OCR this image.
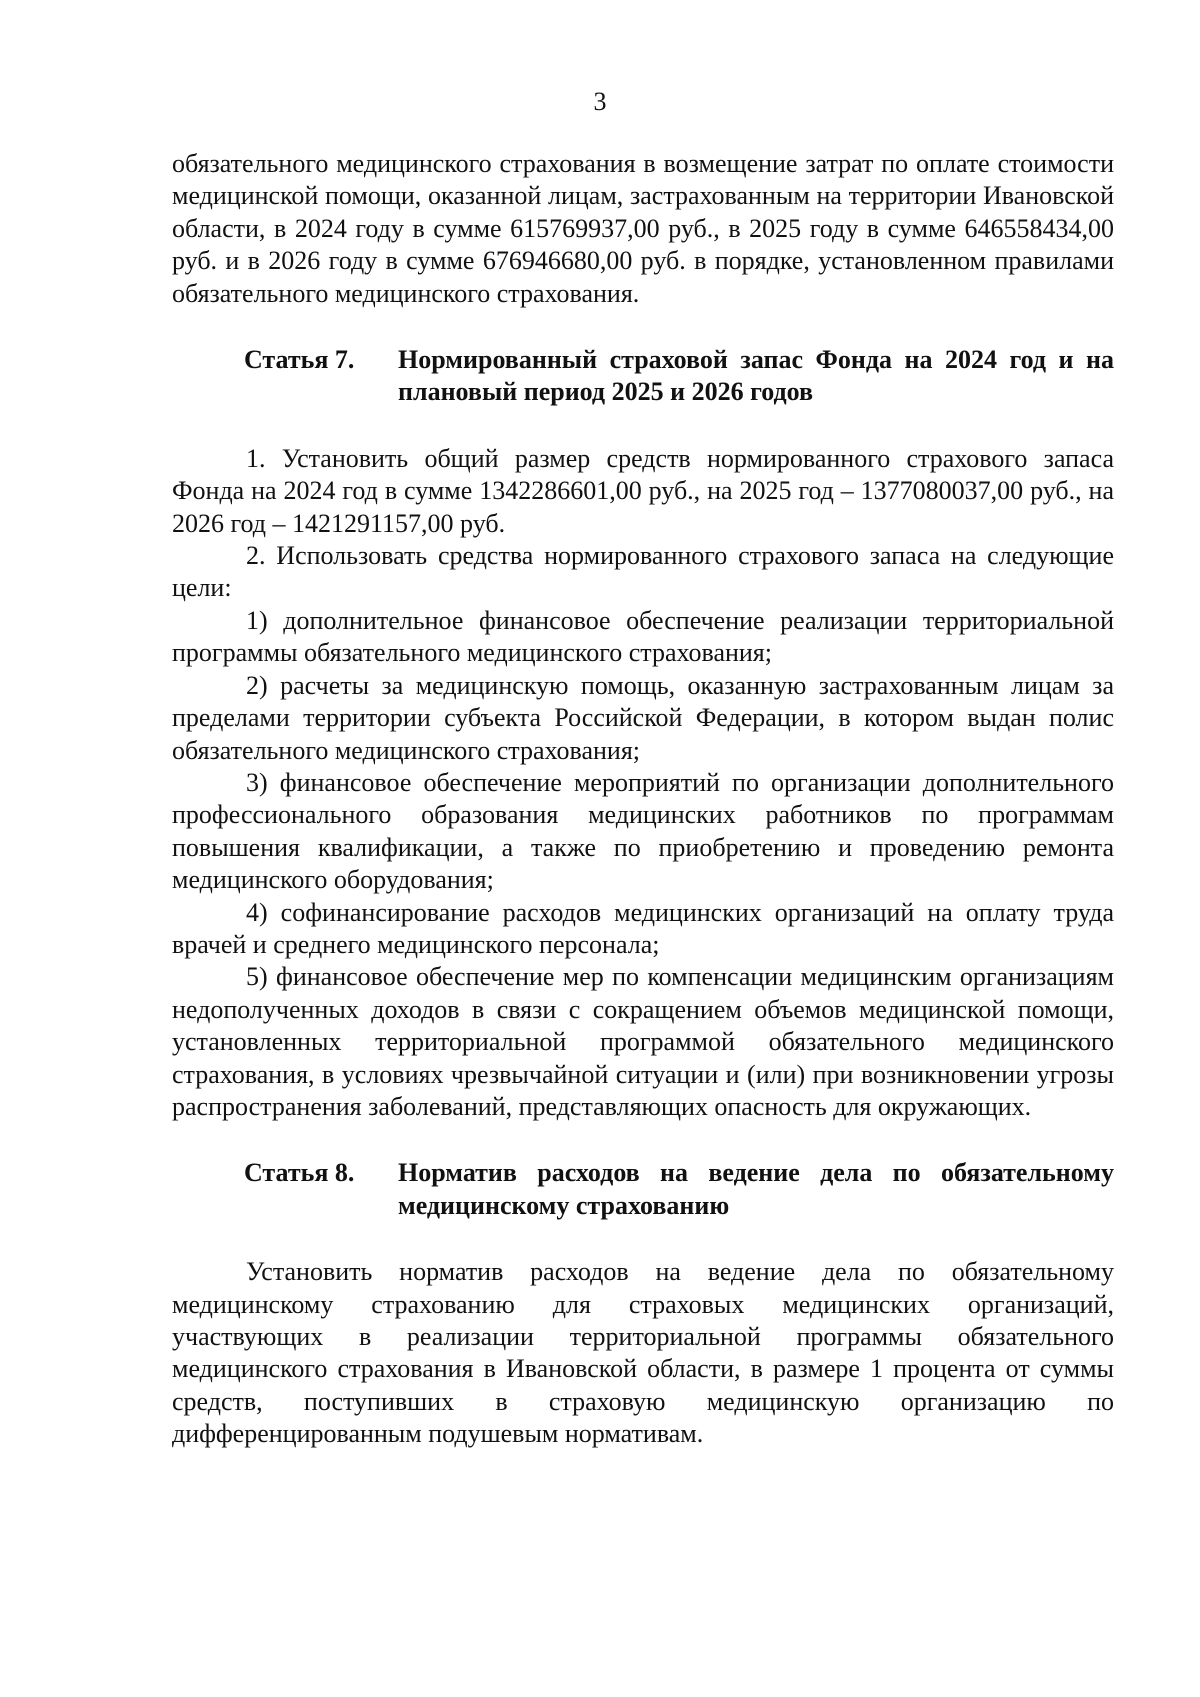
3

обязательного медицинского страхования в возмещение затрат по оплате стоимости медицинской помощи, оказанной лицам, застрахованным на территории Ивановской области, в 2024 году в сумме 615769937,00 руб., в 2025 году в сумме 646558434,00 руб. и в 2026 году в сумме 676946680,00 руб. в порядке, установленном правилами обязательного медицинского страхования.

Статья 7.	Нормированный страховой запас Фонда на 2024 год и на плановый период 2025 и 2026 годов

1. Установить общий размер средств нормированного страхового запаса Фонда на 2024 год в сумме 1342286601,00 руб., на 2025 год – 1377080037,00 руб., на 2026 год – 1421291157,00 руб.

2. Использовать средства нормированного страхового запаса на следующие цели:

1) дополнительное финансовое обеспечение реализации территориальной программы обязательного медицинского страхования;

2) расчеты за медицинскую помощь, оказанную застрахованным лицам за пределами территории субъекта Российской Федерации, в котором выдан полис обязательного медицинского страхования;

3) финансовое обеспечение мероприятий по организации дополнительного профессионального образования медицинских работников по программам повышения квалификации, а также по приобретению и проведению ремонта медицинского оборудования;

4) софинансирование расходов медицинских организаций на оплату труда врачей и среднего медицинского персонала;

5) финансовое обеспечение мер по компенсации медицинским организациям недополученных доходов в связи с сокращением объемов медицинской помощи, установленных территориальной программой обязательного медицинского страхования, в условиях чрезвычайной ситуации и (или) при возникновении угрозы распространения заболеваний, представляющих опасность для окружающих.

Статья 8.	Норматив расходов на ведение дела по обязательному медицинскому страхованию

Установить норматив расходов на ведение дела по обязательному медицинскому страхованию для страховых медицинских организаций, участвующих в реализации территориальной программы обязательного медицинского страхования в Ивановской области, в размере 1 процента от суммы средств, поступивших в страховую медицинскую организацию по дифференцированным подушевым нормативам.
